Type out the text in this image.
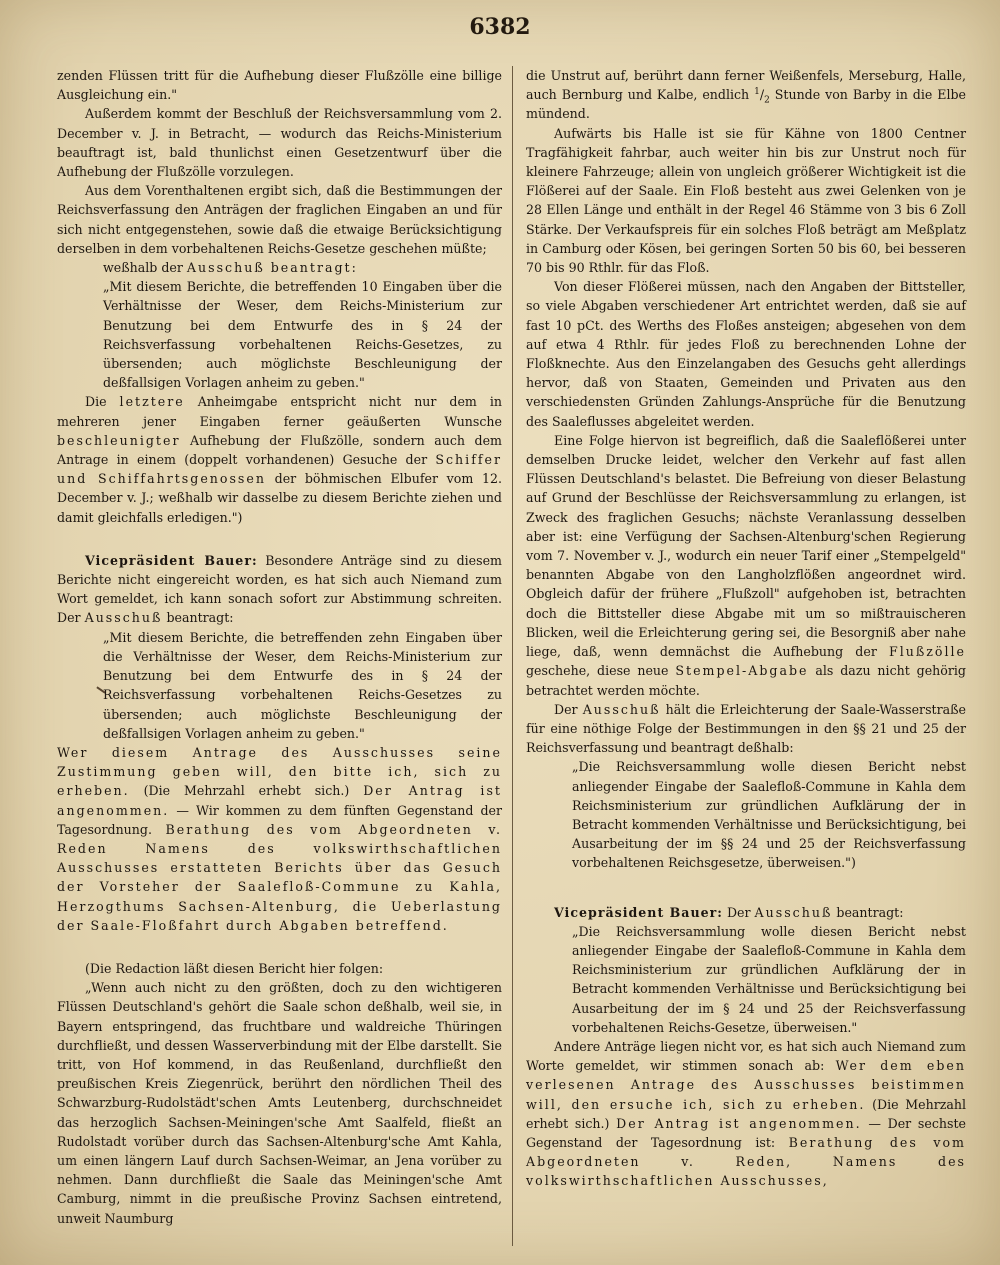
6382

zenden Flüssen tritt für die Aufhebung dieser Flußzölle eine billige Ausgleichung ein."

Außerdem kommt der Beschluß der Reichsversammlung vom 2. December v. J. in Betracht, — wodurch das Reichs-Ministerium beauftragt ist, bald thunlichst einen Gesetzentwurf über die Aufhebung der Flußzölle vorzulegen.

Aus dem Vorenthaltenen ergibt sich, daß die Bestimmungen der Reichsverfassung den Anträgen der fraglichen Eingaben an und für sich nicht entgegenstehen, sowie daß die etwaige Berücksichtigung derselben in dem vorbehaltenen Reichs-Gesetze geschehen müßte;

weßhalb der Ausschuß beantragt:

„Mit diesem Berichte, die betreffenden 10 Eingaben über die Verhältnisse der Weser, dem Reichs-Ministerium zur Benutzung bei dem Entwurfe des in § 24 der Reichsverfassung vorbehaltenen Reichs-Gesetzes, zu übersenden; auch möglichste Beschleunigung der deßfallsigen Vorlagen anheim zu geben."

Die letztere Anheimgabe entspricht nicht nur dem in mehreren jener Eingaben ferner geäußerten Wunsche beschleunigter Aufhebung der Flußzölle, sondern auch dem Antrage in einem (doppelt vorhandenen) Gesuche der Schiffer und Schiffahrtsgenossen der böhmischen Elbufer vom 12. December v. J.; weßhalb wir dasselbe zu diesem Berichte ziehen und damit gleichfalls erledigen.")

Vicepräsident Bauer: Besondere Anträge sind zu diesem Berichte nicht eingereicht worden, es hat sich auch Niemand zum Wort gemeldet, ich kann sonach sofort zur Abstimmung schreiten. Der Ausschuß beantragt:

„Mit diesem Berichte, die betreffenden zehn Eingaben über die Verhältnisse der Weser, dem Reichs-Ministerium zur Benutzung bei dem Entwurfe des in § 24 der Reichsverfassung vorbehaltenen Reichs-Gesetzes zu übersenden; auch möglichste Beschleunigung der deßfallsigen Vorlagen anheim zu geben."

Wer diesem Antrage des Ausschusses seine Zustimmung geben will, den bitte ich, sich zu erheben. (Die Mehrzahl erhebt sich.) Der Antrag ist angenommen. — Wir kommen zu dem fünften Gegenstand der Tagesordnung. Berathung des vom Abgeordneten v. Reden Namens des volkswirthschaftlichen Ausschusses erstatteten Berichts über das Gesuch der Vorsteher der Saalefloß-Commune zu Kahla, Herzogthums Sachsen-Altenburg, die Ueberlastung der Saale-Floßfahrt durch Abgaben betreffend.

(Die Redaction läßt diesen Bericht hier folgen:

„Wenn auch nicht zu den größten, doch zu den wichtigeren Flüssen Deutschland's gehört die Saale schon deßhalb, weil sie, in Bayern entspringend, das fruchtbare und waldreiche Thüringen durchfließt, und dessen Wasserverbindung mit der Elbe darstellt. Sie tritt, von Hof kommend, in das Reußenland, durchfließt den preußischen Kreis Ziegenrück, berührt den nördlichen Theil des Schwarzburg-Rudolstädt'schen Amts Leutenberg, durchschneidet das herzoglich Sachsen-Meiningen'sche Amt Saalfeld, fließt an Rudolstadt vorüber durch das Sachsen-Altenburg'sche Amt Kahla, um einen längern Lauf durch Sachsen-Weimar, an Jena vorüber zu nehmen. Dann durchfließt die Saale das Meiningen'sche Amt Camburg, nimmt in die preußische Provinz Sachsen eintretend, unweit Naumburg

die Unstrut auf, berührt dann ferner Weißenfels, Merseburg, Halle, auch Bernburg und Kalbe, endlich $^1/_2$ Stunde von Barby in die Elbe mündend.

Aufwärts bis Halle ist sie für Kähne von 1800 Centner Tragfähigkeit fahrbar, auch weiter hin bis zur Unstrut noch für kleinere Fahrzeuge; allein von ungleich größerer Wichtigkeit ist die Flößerei auf der Saale. Ein Floß besteht aus zwei Gelenken von je 28 Ellen Länge und enthält in der Regel 46 Stämme von 3 bis 6 Zoll Stärke. Der Verkaufspreis für ein solches Floß beträgt am Meßplatz in Camburg oder Kösen, bei geringen Sorten 50 bis 60, bei besseren 70 bis 90 Rthlr. für das Floß.

Von dieser Flößerei müssen, nach den Angaben der Bittsteller, so viele Abgaben verschiedener Art entrichtet werden, daß sie auf fast 10 pCt. des Werths des Floßes ansteigen; abgesehen von dem auf etwa 4 Rthlr. für jedes Floß zu berechnenden Lohne der Floßknechte. Aus den Einzelangaben des Gesuchs geht allerdings hervor, daß von Staaten, Gemeinden und Privaten aus den verschiedensten Gründen Zahlungs-Ansprüche für die Benutzung des Saaleflusses abgeleitet werden.

Eine Folge hiervon ist begreiflich, daß die Saaleflößerei unter demselben Drucke leidet, welcher den Verkehr auf fast allen Flüssen Deutschland's belastet. Die Befreiung von dieser Belastung auf Grund der Beschlüsse der Reichsversammlung zu erlangen, ist Zweck des fraglichen Gesuchs; nächste Veranlassung desselben aber ist: eine Verfügung der Sachsen-Altenburg'schen Regierung vom 7. November v. J., wodurch ein neuer Tarif einer „Stempelgeld" benannten Abgabe von den Langholzflößen angeordnet wird. Obgleich dafür der frühere „Flußzoll" aufgehoben ist, betrachten doch die Bittsteller diese Abgabe mit um so mißtrauischeren Blicken, weil die Erleichterung gering sei, die Besorgniß aber nahe liege, daß, wenn demnächst die Aufhebung der Flußzölle geschehe, diese neue Stempel-Abgabe als dazu nicht gehörig betrachtet werden möchte.

Der Ausschuß hält die Erleichterung der Saale-Wasserstraße für eine nöthige Folge der Bestimmungen in den §§ 21 und 25 der Reichsverfassung und beantragt deßhalb:

„Die Reichsversammlung wolle diesen Bericht nebst anliegender Eingabe der Saalefloß-Commune in Kahla dem Reichsministerium zur gründlichen Aufklärung der in Betracht kommenden Verhältnisse und Berücksichtigung, bei Ausarbeitung der im §§ 24 und 25 der Reichsverfassung vorbehaltenen Reichsgesetze, überweisen.")

Vicepräsident Bauer: Der Ausschuß beantragt:

„Die Reichsversammlung wolle diesen Bericht nebst anliegender Eingabe der Saalefloß-Commune in Kahla dem Reichsministerium zur gründlichen Aufklärung der in Betracht kommenden Verhältnisse und Berücksichtigung bei Ausarbeitung der im § 24 und 25 der Reichsverfassung vorbehaltenen Reichs-Gesetze, überweisen."

Andere Anträge liegen nicht vor, es hat sich auch Niemand zum Worte gemeldet, wir stimmen sonach ab: Wer dem eben verlesenen Antrage des Ausschusses beistimmen will, den ersuche ich, sich zu erheben. (Die Mehrzahl erhebt sich.) Der Antrag ist angenommen. — Der sechste Gegenstand der Tagesordnung ist: Berathung des vom Abgeordneten v. Reden, Namens des volkswirthschaftlichen Ausschusses,
